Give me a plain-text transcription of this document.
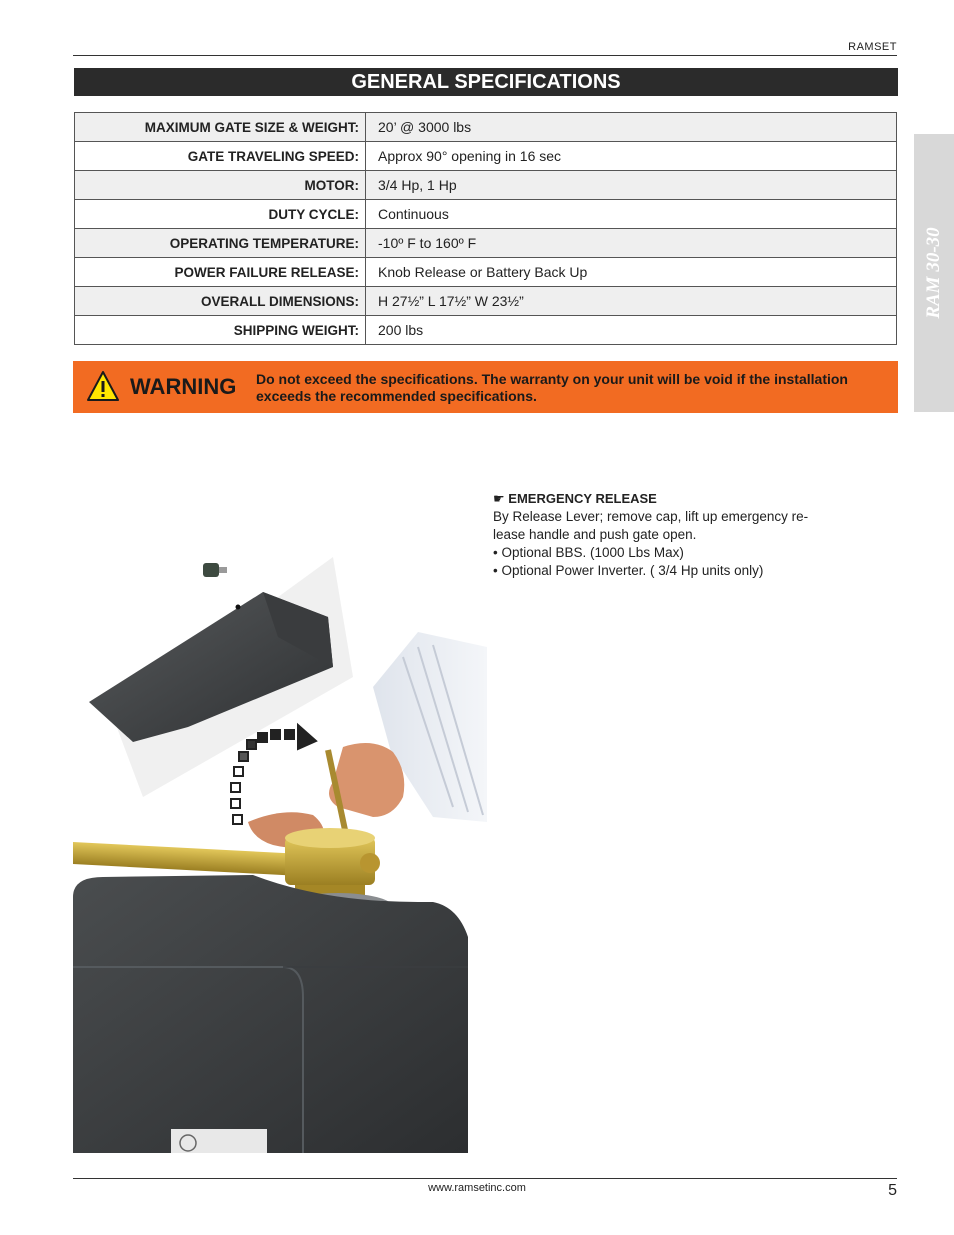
RAMSET
GENERAL SPECIFICATIONS
RAM 30-30
MAXIMUM GATE SIZE & WEIGHT:	20’ @ 3000 lbs
GATE TRAVELING SPEED:	Approx 90° opening in 16 sec
MOTOR:	3/4 Hp, 1 Hp
DUTY CYCLE:	Continuous
OPERATING TEMPERATURE:	-10º F to 160º F
POWER FAILURE RELEASE:	Knob Release or Battery Back Up
OVERALL DIMENSIONS:	H 27½” L 17½” W 23½”
SHIPPING WEIGHT:	200 lbs
WARNING Do not exceed the specifications. The warranty on your unit will be void if the installation exceeds the recommended specifications.
☛ EMERGENCY RELEASE
By Release Lever; remove cap, lift up emergency re-
lease handle and push gate open.
• Optional BBS. (1000 Lbs Max)
• Optional Power Inverter. ( 3/4 Hp units only)
www.ramsetinc.com	5
